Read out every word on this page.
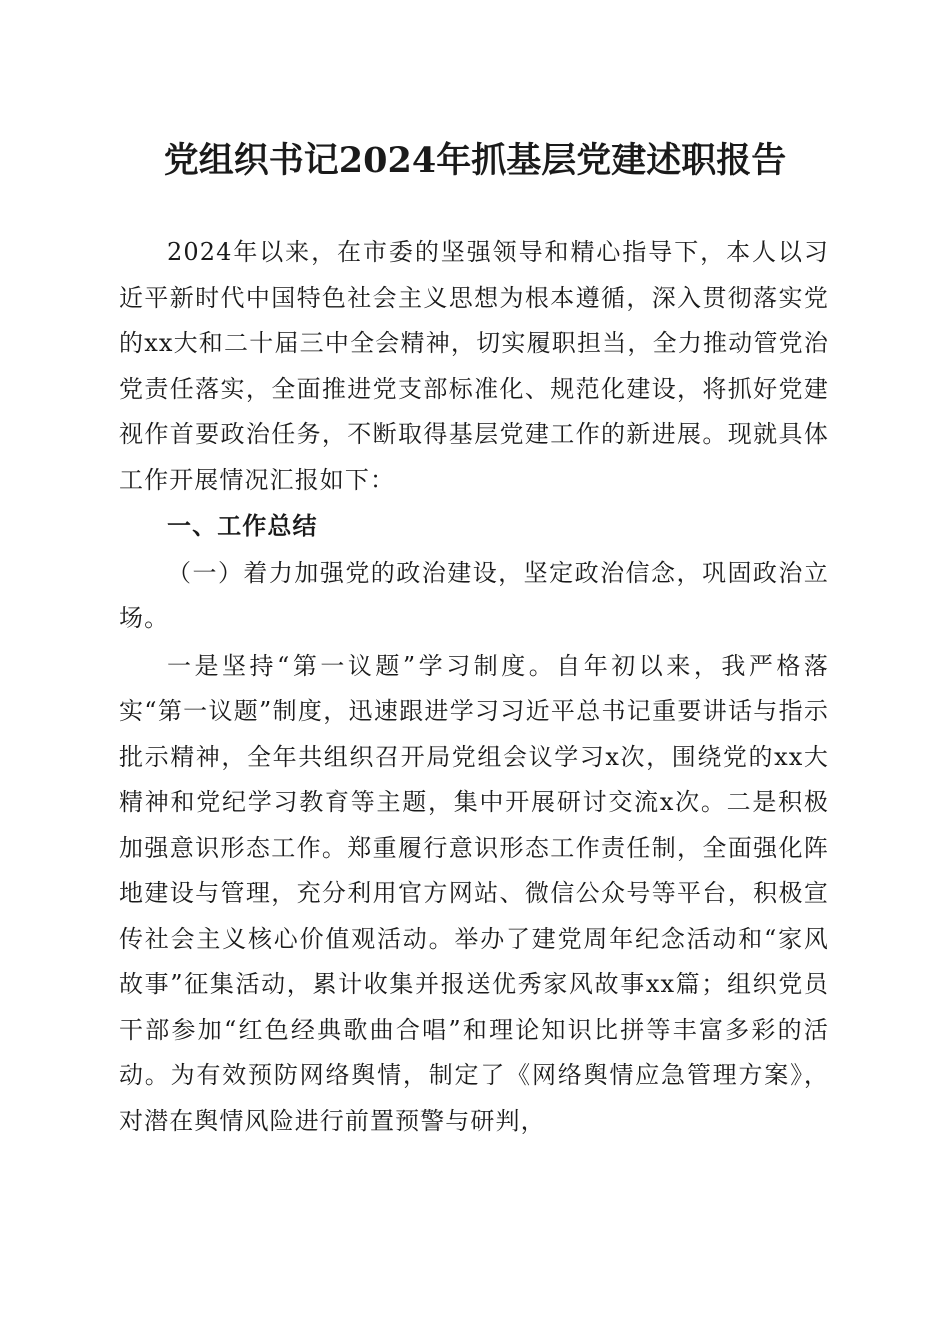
党组织书记2024年抓基层党建述职报告

2024年以来，在市委的坚强领导和精心指导下，本人以习近平新时代中国特色社会主义思想为根本遵循，深入贯彻落实党的xx大和二十届三中全会精神，切实履职担当，全力推动管党治党责任落实，全面推进党支部标准化、规范化建设，将抓好党建视作首要政治任务，不断取得基层党建工作的新进展。现就具体工作开展情况汇报如下：

一、工作总结

（一）着力加强党的政治建设，坚定政治信念，巩固政治立场。

一是坚持“第一议题”学习制度。自年初以来，我严格落实“第一议题”制度，迅速跟进学习习近平总书记重要讲话与指示批示精神，全年共组织召开局党组会议学习x次，围绕党的xx大精神和党纪学习教育等主题，集中开展研讨交流x次。二是积极加强意识形态工作。郑重履行意识形态工作责任制，全面强化阵地建设与管理，充分利用官方网站、微信公众号等平台，积极宣传社会主义核心价值观活动。举办了建党周年纪念活动和“家风故事”征集活动，累计收集并报送优秀家风故事xx篇；组织党员干部参加“红色经典歌曲合唱”和理论知识比拼等丰富多彩的活动。为有效预防网络舆情，制定了《网络舆情应急管理方案》，对潜在舆情风险进行前置预警与研判，
